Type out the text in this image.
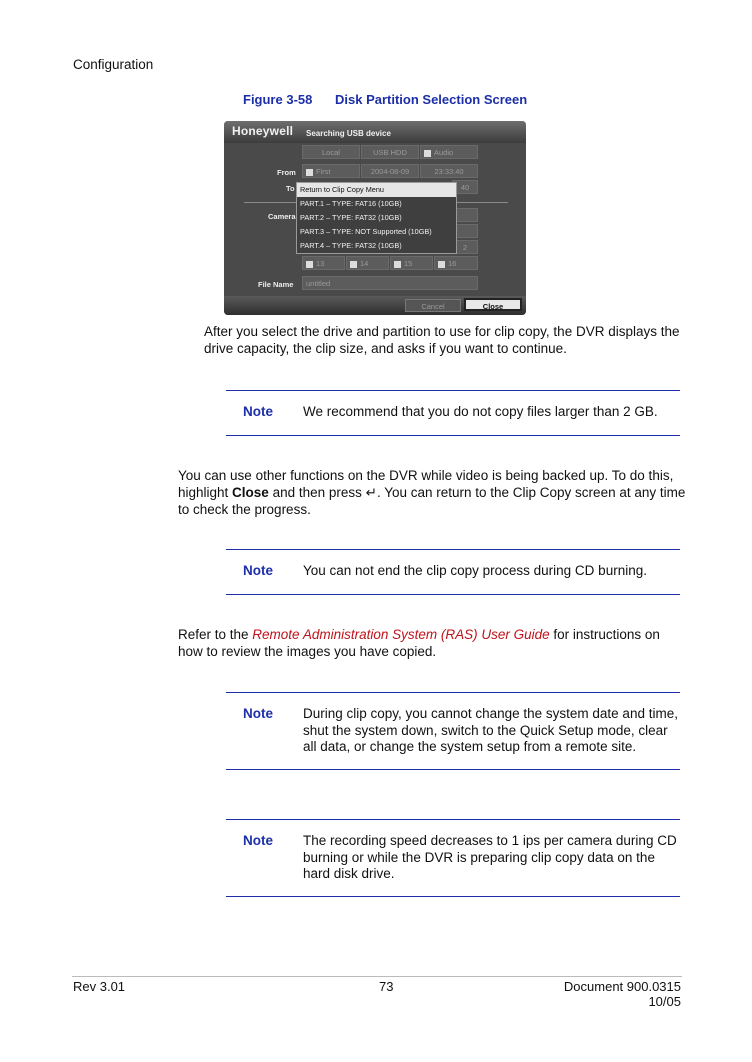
Configuration
Figure 3-58 Disk Partition Selection Screen
Honeywell Searching USB device
Local	USB HDD	Audio
From	First	2004-08-09	23:33:40
To	40
Camera
2
Return to Clip Copy Menu
PART.1 – TYPE: FAT16 (10GB)
PART.2 – TYPE: FAT32 (10GB)
PART.3 – TYPE: NOT Supported (10GB)
PART.4 – TYPE: FAT32 (10GB)
13	14	15	16
File Name	untitled
Cancel	Close
After you select the drive and partition to use for clip copy, the DVR displays the drive capacity, the clip size, and asks if you want to continue.
Note We recommend that you do not copy files larger than 2 GB.
You can use other functions on the DVR while video is being backed up. To do this, highlight Close and then press ↵. You can return to the Clip Copy screen at any time to check the progress.
Note You can not end the clip copy process during CD burning.
Refer to the Remote Administration System (RAS) User Guide for instructions on how to review the images you have copied.
Note During clip copy, you cannot change the system date and time, shut the system down, switch to the Quick Setup mode, clear all data, or change the system setup from a remote site.
Note The recording speed decreases to 1 ips per camera during CD burning or while the DVR is preparing clip copy data on the hard disk drive.
Rev 3.01	73	Document 900.0315
10/05
